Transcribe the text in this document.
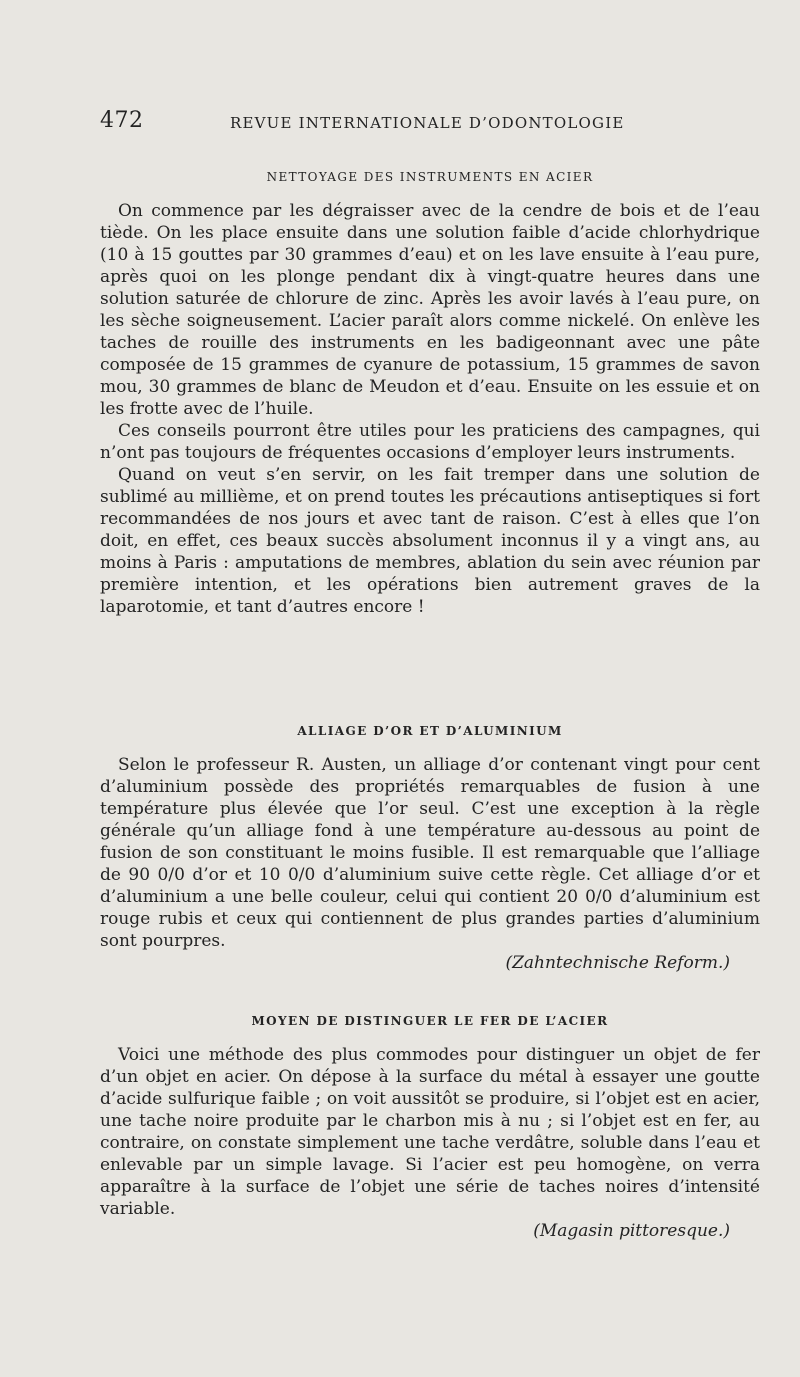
472	REVUE INTERNATIONALE D’ODONTOLOGIE
NETTOYAGE DES INSTRUMENTS EN ACIER

On commence par les dégraisser avec de la cendre de bois et de l’eau tiède. On les place ensuite dans une solution faible d’acide chlorhydrique (10 à 15 gouttes par 30 grammes d’eau) et on les lave ensuite à l’eau pure, après quoi on les plonge pendant dix à vingt-quatre heures dans une solution saturée de chlorure de zinc. Après les avoir lavés à l’eau pure, on les sèche soigneusement. L’acier paraît alors comme nickelé. On enlève les taches de rouille des instruments en les badigeonnant avec une pâte composée de 15 grammes de cyanure de potassium, 15 grammes de savon mou, 30 grammes de blanc de Meudon et d’eau. Ensuite on les essuie et on les frotte avec de l’huile.

Ces conseils pourront être utiles pour les praticiens des campagnes, qui n’ont pas toujours de fréquentes occasions d’employer leurs instruments.

Quand on veut s’en servir, on les fait tremper dans une solution de sublimé au millième, et on prend toutes les précautions antiseptiques si fort recommandées de nos jours et avec tant de raison. C’est à elles que l’on doit, en effet, ces beaux succès absolument inconnus il y a vingt ans, au moins à Paris : amputations de membres, ablation du sein avec réunion par première intention, et les opérations bien autrement graves de la laparotomie, et tant d’autres encore !

ALLIAGE D’OR ET D’ALUMINIUM

Selon le professeur R. Austen, un alliage d’or contenant vingt pour cent d’aluminium possède des propriétés remarquables de fusion à une température plus élevée que l’or seul. C’est une exception à la règle générale qu’un alliage fond à une température au-dessous au point de fusion de son constituant le moins fusible. Il est remarquable que l’alliage de 90 0/0 d’or et 10 0/0 d’aluminium suive cette règle. Cet alliage d’or et d’aluminium a une belle couleur, celui qui contient 20 0/0 d’aluminium est rouge rubis et ceux qui contiennent de plus grandes parties d’aluminium sont pourpres.

(Zahntechnische Reform.)

MOYEN DE DISTINGUER LE FER DE L’ACIER

Voici une méthode des plus commodes pour distinguer un objet de fer d’un objet en acier. On dépose à la surface du métal à essayer une goutte d’acide sulfurique faible ; on voit aussitôt se produire, si l’objet est en acier, une tache noire produite par le charbon mis à nu ; si l’objet est en fer, au contraire, on constate simplement une tache verdâtre, soluble dans l’eau et enlevable par un simple lavage. Si l’acier est peu homogène, on verra apparaître à la surface de l’objet une série de taches noires d’intensité variable.

(Magasin pittoresque.)
